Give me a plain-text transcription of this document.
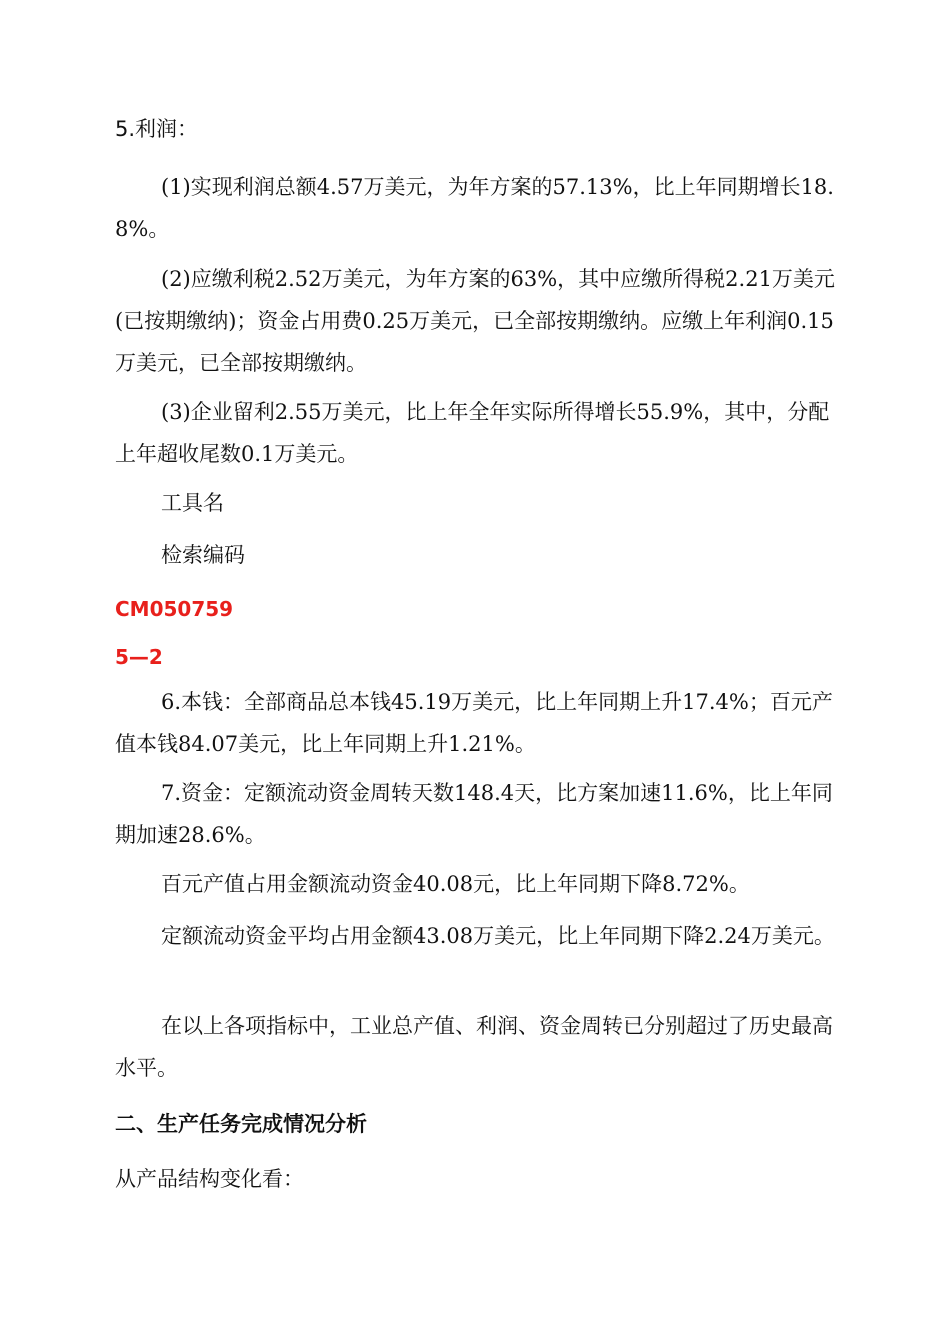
5.利润：

(1)实现利润总额4.57万美元，为年方案的57.13%，比上年同期增长18.8%。

(2)应缴利税2.52万美元，为年方案的63%，其中应缴所得税2.21万美元(已按期缴纳)；资金占用费0.25万美元，已全部按期缴纳。应缴上年利润0.15万美元，已全部按期缴纳。

(3)企业留利2.55万美元，比上年全年实际所得增长55.9%，其中，分配上年超收尾数0.1万美元。

工具名

检索编码

CM050759

5—2

6.本钱：全部商品总本钱45.19万美元，比上年同期上升17.4%；百元产值本钱84.07美元，比上年同期上升1.21%。

7.资金：定额流动资金周转天数148.4天，比方案加速11.6%，比上年同期加速28.6%。

百元产值占用金额流动资金40.08元，比上年同期下降8.72%。

定额流动资金平均占用金额43.08万美元，比上年同期下降2.24万美元。

在以上各项指标中，工业总产值、利润、资金周转已分别超过了历史最高水平。

二、生产任务完成情况分析

从产品结构变化看：
